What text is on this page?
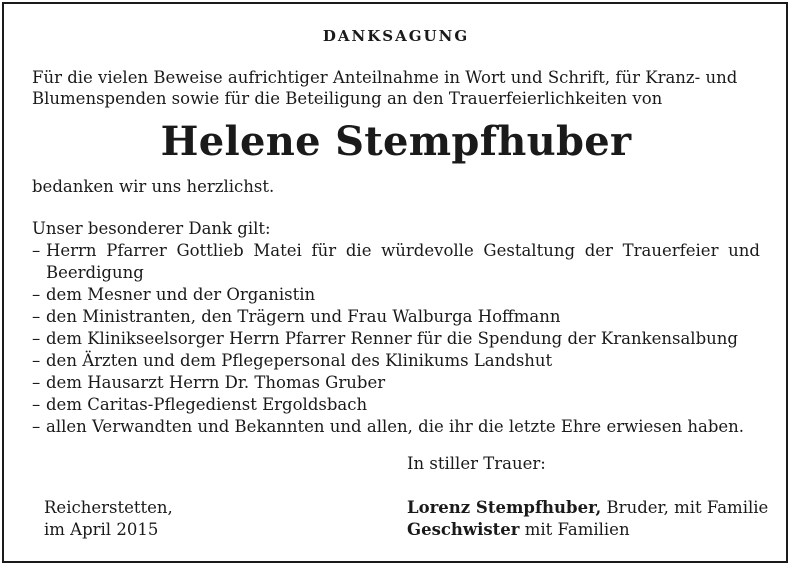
DANKSAGUNG
Für die vielen Beweise aufrichtiger Anteilnahme in Wort und Schrift, für Kranz- und Blumenspenden sowie für die Beteiligung an den Trauerfeierlichkeiten von
Helene Stempfhuber
bedanken wir uns herzlichst.
Unser besonderer Dank gilt:
– Herrn Pfarrer Gottlieb Matei für die würdevolle Gestaltung der Trauerfeier und Beerdigung
– dem Mesner und der Organistin
– den Ministranten, den Trägern und Frau Walburga Hoffmann
– dem Klinikseelsorger Herrn Pfarrer Renner für die Spendung der Krankensalbung
– den Ärzten und dem Pflegepersonal des Klinikums Landshut
– dem Hausarzt Herrn Dr. Thomas Gruber
– dem Caritas-Pflegedienst Ergoldsbach
– allen Verwandten und Bekannten und allen, die ihr die letzte Ehre erwiesen haben.
Reicherstetten,
im April 2015
In stiller Trauer:
Lorenz Stempfhuber, Bruder, mit Familie
Geschwister mit Familien
